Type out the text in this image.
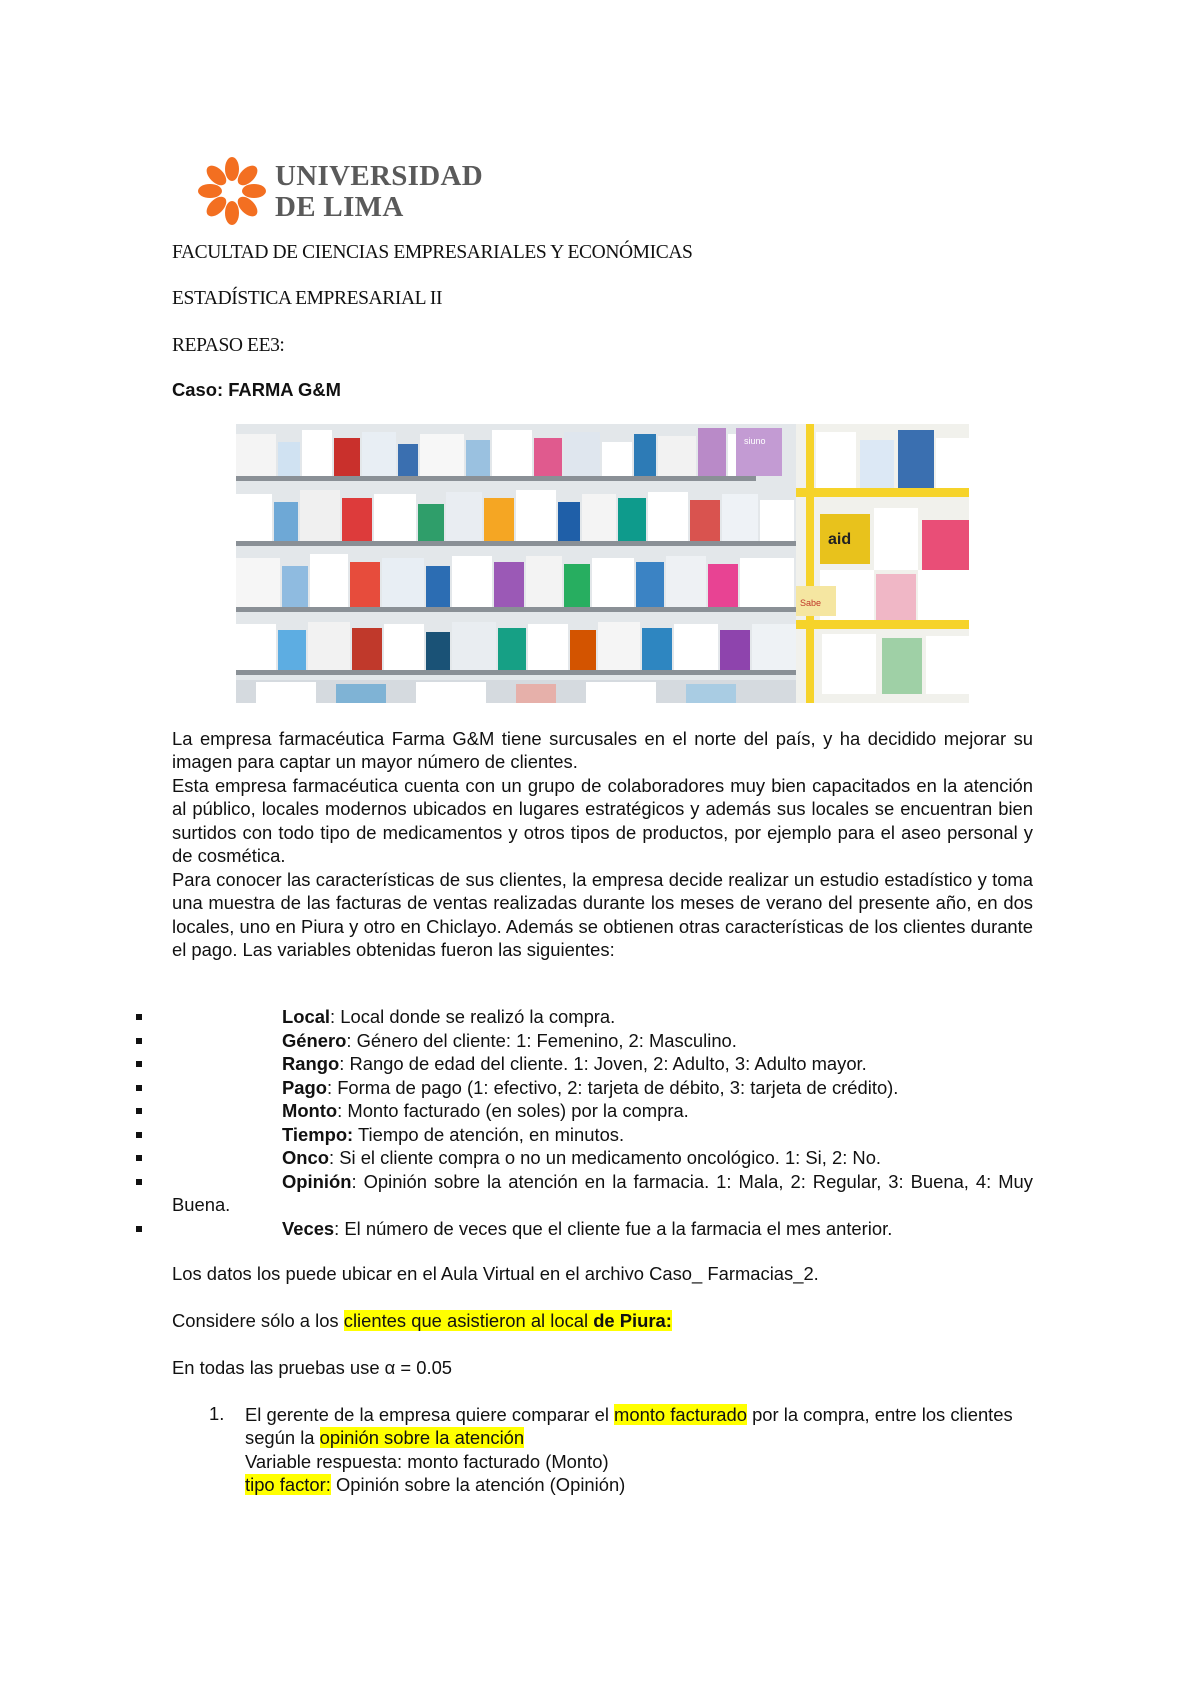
UNIVERSIDAD
DE LIMA
FACULTAD DE CIENCIAS EMPRESARIALES Y ECONÓMICAS
ESTADÍSTICA EMPRESARIAL II
REPASO EE3:
Caso: FARMA G&M
siuno
aid
Sabe

La empresa farmacéutica Farma G&M tiene surcusales en el norte del país, y ha decidido mejorar su imagen para captar un mayor número de clientes.

Esta empresa farmacéutica cuenta con un grupo de colaboradores muy bien capacitados en la atención al público, locales modernos ubicados en lugares estratégicos y además sus locales se encuentran bien surtidos con todo tipo de medicamentos y otros tipos de productos, por ejemplo para el aseo personal y de cosmética.

Para conocer las características de sus clientes, la empresa decide realizar un estudio estadístico y toma una muestra de las facturas de ventas realizadas durante los meses de verano del presente año, en dos locales, uno en Piura y otro en Chiclayo. Además se obtienen otras características de los clientes durante el pago. Las variables obtenidas fueron las siguientes:

Local: Local donde se realizó la compra.
Género: Género del cliente: 1: Femenino, 2: Masculino.
Rango: Rango de edad del cliente. 1: Joven, 2: Adulto, 3: Adulto mayor.
Pago: Forma de pago (1: efectivo, 2: tarjeta de débito, 3: tarjeta de crédito).
Monto: Monto facturado (en soles) por la compra.
Tiempo: Tiempo de atención, en minutos.
Onco: Si el cliente compra o no un medicamento oncológico. 1: Si, 2: No.
Opinión: Opinión sobre la atención en la farmacia. 1: Mala, 2: Regular, 3: Buena, 4: Muy Buena.
Veces: El número de veces que el cliente fue a la farmacia el mes anterior.
Los datos los puede ubicar en el Aula Virtual en el archivo Caso_ Farmacias_2.
Considere sólo a los clientes que asistieron al local de Piura:
En todas las pruebas use α = 0.05
1. El gerente de la empresa quiere comparar el monto facturado por la compra, entre los clientes según la opinión sobre la atención
Variable respuesta: monto facturado (Monto)
tipo factor: Opinión sobre la atención (Opinión)
